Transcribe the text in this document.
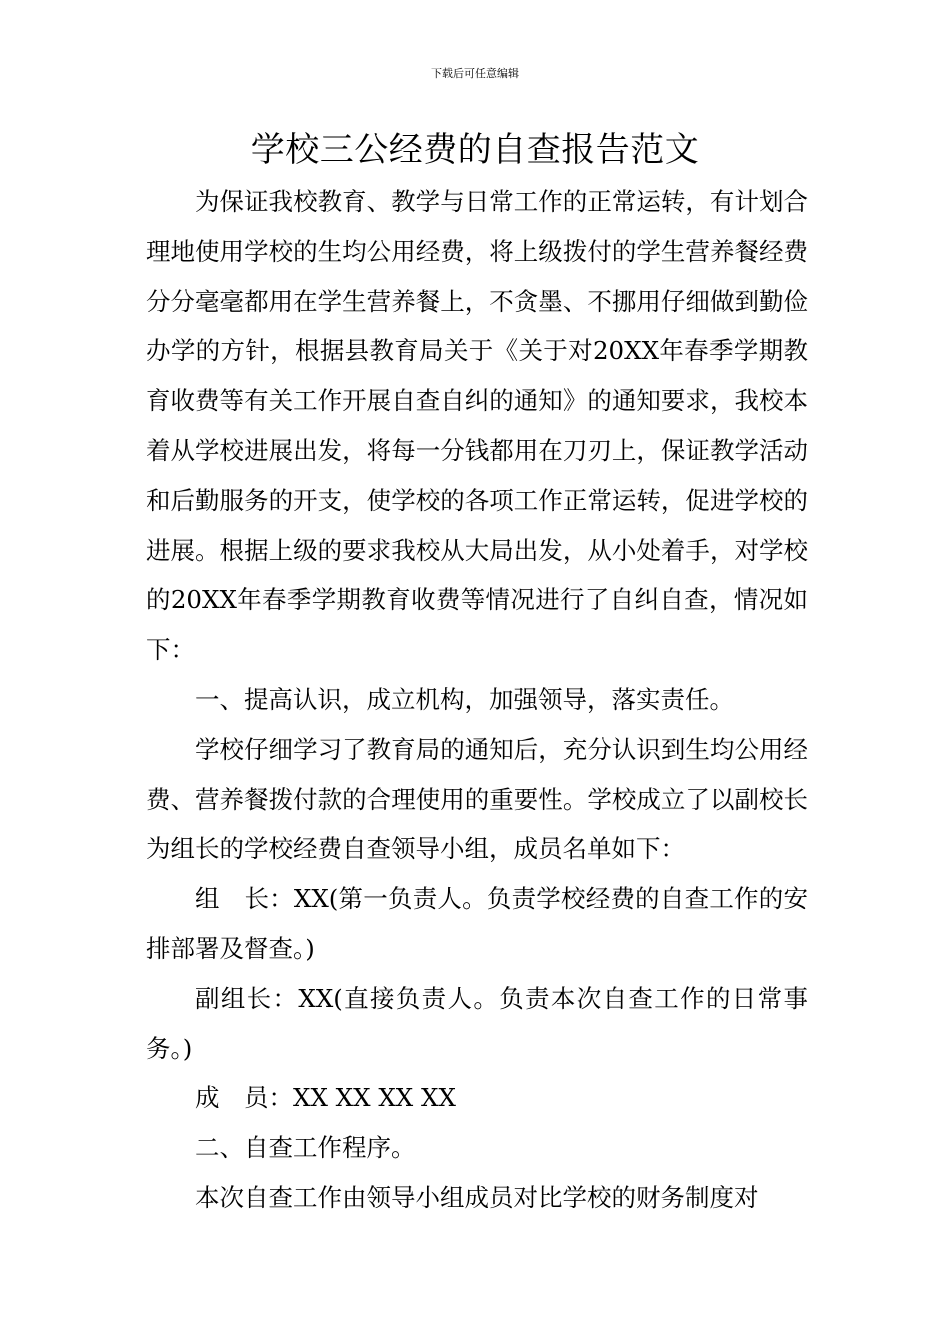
下载后可任意编辑
学校三公经费的自查报告范文

为保证我校教育、教学与日常工作的正常运转，有计划合理地使用学校的生均公用经费，将上级拨付的学生营养餐经费分分毫毫都用在学生营养餐上，不贪墨、不挪用仔细做到勤俭办学的方针，根据县教育局关于《关于对20XX年春季学期教育收费等有关工作开展自查自纠的通知》的通知要求，我校本着从学校进展出发，将每一分钱都用在刀刃上，保证教学活动和后勤服务的开支，使学校的各项工作正常运转，促进学校的进展。根据上级的要求我校从大局出发，从小处着手，对学校的20XX年春季学期教育收费等情况进行了自纠自查，情况如下：

一、提高认识，成立机构，加强领导，落实责任。

学校仔细学习了教育局的通知后，充分认识到生均公用经费、营养餐拨付款的合理使用的重要性。学校成立了以副校长为组长的学校经费自查领导小组，成员名单如下：

组　长：XX(第一负责人。负责学校经费的自查工作的安排部署及督查。)

副组长：XX(直接负责人。负责本次自查工作的日常事务。)

成　员：XX XX XX XX

二、自查工作程序。

本次自查工作由领导小组成员对比学校的财务制度对
